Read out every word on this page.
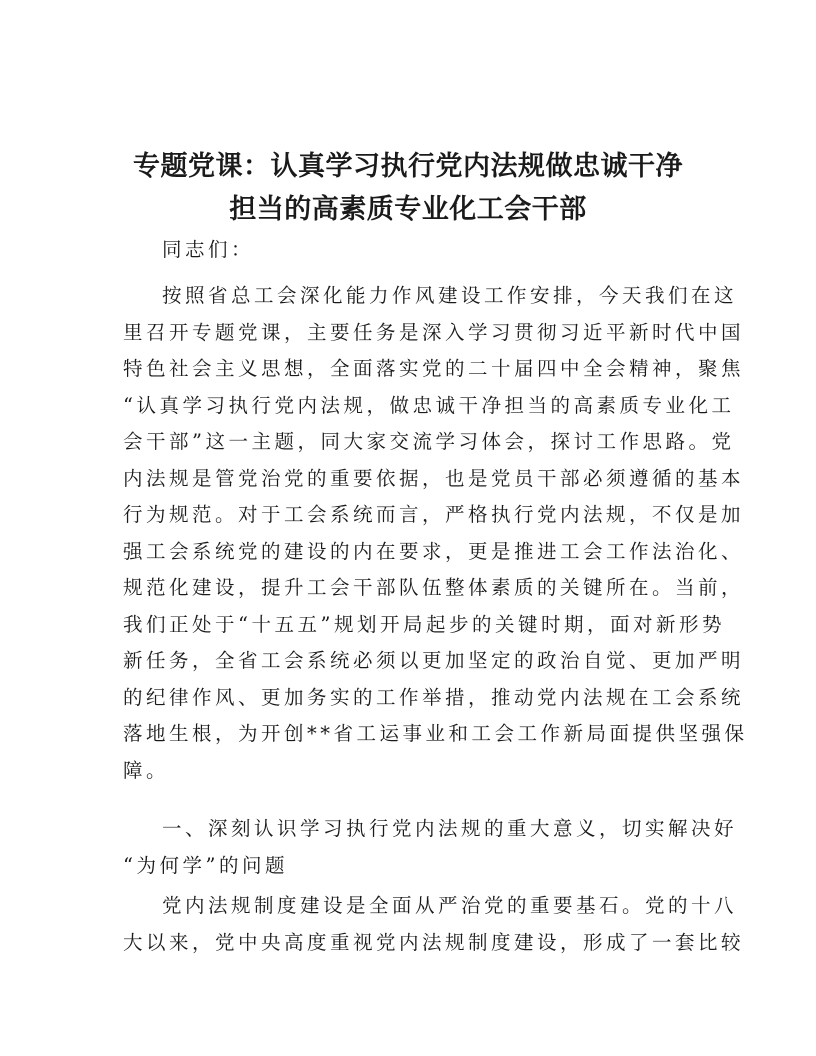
专题党课：认真学习执行党内法规做忠诚干净
担当的高素质专业化工会干部
同志们：
按照省总工会深化能力作风建设工作安排，今天我们在这
里召开专题党课，主要任务是深入学习贯彻习近平新时代中国
特色社会主义思想，全面落实党的二十届四中全会精神，聚焦
“认真学习执行党内法规，做忠诚干净担当的高素质专业化工
会干部”这一主题，同大家交流学习体会，探讨工作思路。党
内法规是管党治党的重要依据，也是党员干部必须遵循的基本
行为规范。对于工会系统而言，严格执行党内法规，不仅是加
强工会系统党的建设的内在要求，更是推进工会工作法治化、
规范化建设，提升工会干部队伍整体素质的关键所在。当前，
我们正处于“十五五”规划开局起步的关键时期，面对新形势
新任务，全省工会系统必须以更加坚定的政治自觉、更加严明
的纪律作风、更加务实的工作举措，推动党内法规在工会系统
落地生根，为开创**省工运事业和工会工作新局面提供坚强保
障。
一、深刻认识学习执行党内法规的重大意义，切实解决好
“为何学”的问题
党内法规制度建设是全面从严治党的重要基石。党的十八
大以来，党中央高度重视党内法规制度建设，形成了一套比较
